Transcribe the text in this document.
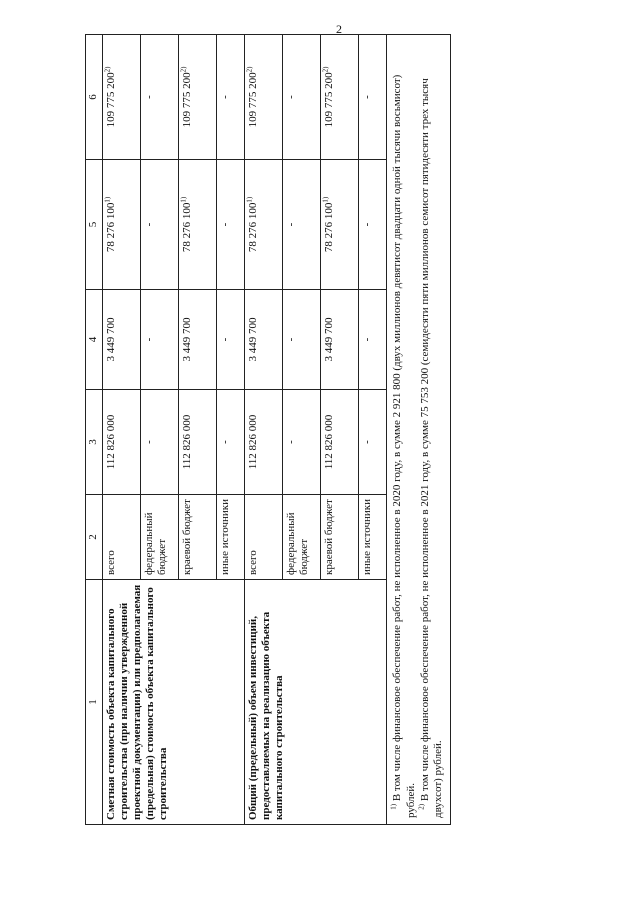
2
1	2	3	4	5	6
Сметная стоимость объекта капитального строительства (при наличии утвержденной проектной документации) или предполагаемая (предельная) стоимость объекта капитального строительства	всего	112 826 000	3 449 700	78 276 100$^{1)}$	109 775 200$^{2)}$
	федеральный бюджет	-	-	-	-
	краевой бюджет	112 826 000	3 449 700	78 276 100$^{1)}$	109 775 200$^{2)}$
	иные источники	-	-	-	-
Общий (предельный) объем инвестиций, предоставляемых на реализацию объекта капитального строительства	всего	112 826 000	3 449 700	78 276 100$^{1)}$	109 775 200$^{2)}$
	федеральный бюджет	-	-	-	-
	краевой бюджет	112 826 000	3 449 700	78 276 100$^{1)}$	109 775 200$^{2)}$
	иные источники	-	-	-	-

$^{1)}$ В том числе финансовое обеспечение работ, не исполненное в 2020 году, в сумме 2 921 800 (двух миллионов девятисот двадцати одной тысячи восьмисот) рублей. $^{2)}$ В том числе финансовое обеспечение работ, не исполненное в 2021 году, в сумме 75 753 200 (семидесяти пяти миллионов семисот пятидесяти трех тысяч двухсот) рублей.					
